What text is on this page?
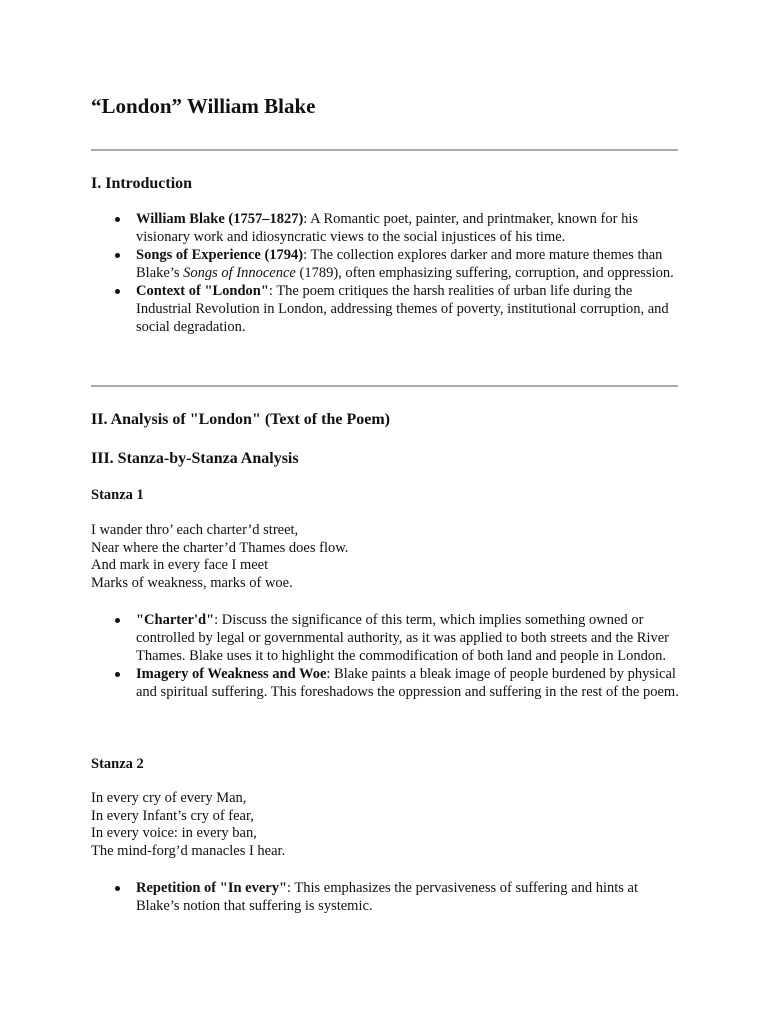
“London” William Blake
I. Introduction
William Blake (1757–1827): A Romantic poet, painter, and printmaker, known for his visionary work and idiosyncratic views to the social injustices of his time.
Songs of Experience (1794): The collection explores darker and more mature themes than Blake’s Songs of Innocence (1789), often emphasizing suffering, corruption, and oppression.
Context of "London": The poem critiques the harsh realities of urban life during the Industrial Revolution in London, addressing themes of poverty, institutional corruption, and social degradation.
II. Analysis of "London" (Text of the Poem)
III. Stanza-by-Stanza Analysis
Stanza 1
I wander thro’ each charter’d street,
Near where the charter’d Thames does flow.
And mark in every face I meet
Marks of weakness, marks of woe.
"Charter'd": Discuss the significance of this term, which implies something owned or controlled by legal or governmental authority, as it was applied to both streets and the River Thames. Blake uses it to highlight the commodification of both land and people in London.
Imagery of Weakness and Woe: Blake paints a bleak image of people burdened by physical and spiritual suffering. This foreshadows the oppression and suffering in the rest of the poem.
Stanza 2
In every cry of every Man,
In every Infant’s cry of fear,
In every voice: in every ban,
The mind-forg’d manacles I hear.
Repetition of "In every": This emphasizes the pervasiveness of suffering and hints at Blake’s notion that suffering is systemic.
